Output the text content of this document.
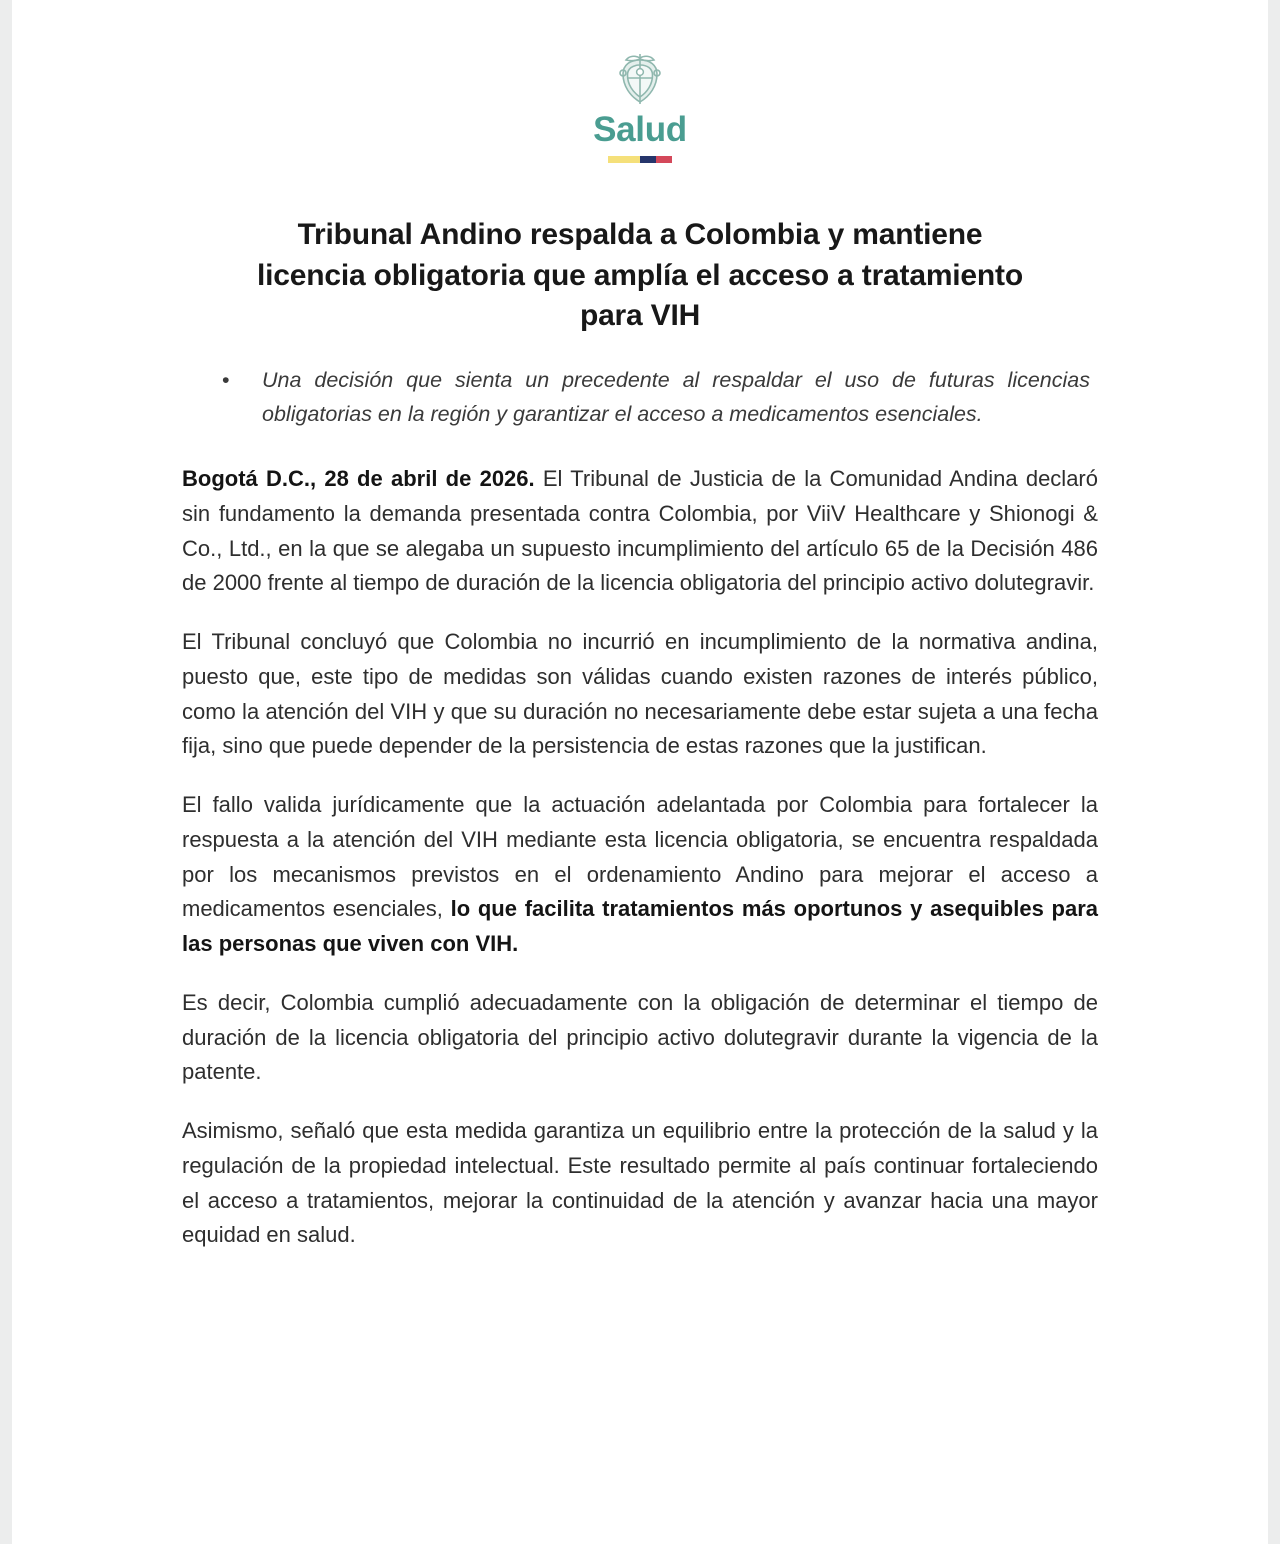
Salud
Tribunal Andino respalda a Colombia y mantiene licencia obligatoria que amplía el acceso a tratamiento para VIH
• Una decisión que sienta un precedente al respaldar el uso de futuras licencias obligatorias en la región y garantizar el acceso a medicamentos esenciales.

Bogotá D.C., 28 de abril de 2026. El Tribunal de Justicia de la Comunidad Andina declaró sin fundamento la demanda presentada contra Colombia, por ViiV Healthcare y Shionogi & Co., Ltd., en la que se alegaba un supuesto incumplimiento del artículo 65 de la Decisión 486 de 2000 frente al tiempo de duración de la licencia obligatoria del principio activo dolutegravir.

El Tribunal concluyó que Colombia no incurrió en incumplimiento de la normativa andina, puesto que, este tipo de medidas son válidas cuando existen razones de interés público, como la atención del VIH y que su duración no necesariamente debe estar sujeta a una fecha fija, sino que puede depender de la persistencia de estas razones que la justifican.

El fallo valida jurídicamente que la actuación adelantada por Colombia para fortalecer la respuesta a la atención del VIH mediante esta licencia obligatoria, se encuentra respaldada por los mecanismos previstos en el ordenamiento Andino para mejorar el acceso a medicamentos esenciales, lo que facilita tratamientos más oportunos y asequibles para las personas que viven con VIH.

Es decir, Colombia cumplió adecuadamente con la obligación de determinar el tiempo de duración de la licencia obligatoria del principio activo dolutegravir durante la vigencia de la patente.

Asimismo, señaló que esta medida garantiza un equilibrio entre la protección de la salud y la regulación de la propiedad intelectual. Este resultado permite al país continuar fortaleciendo el acceso a tratamientos, mejorar la continuidad de la atención y avanzar hacia una mayor equidad en salud.
